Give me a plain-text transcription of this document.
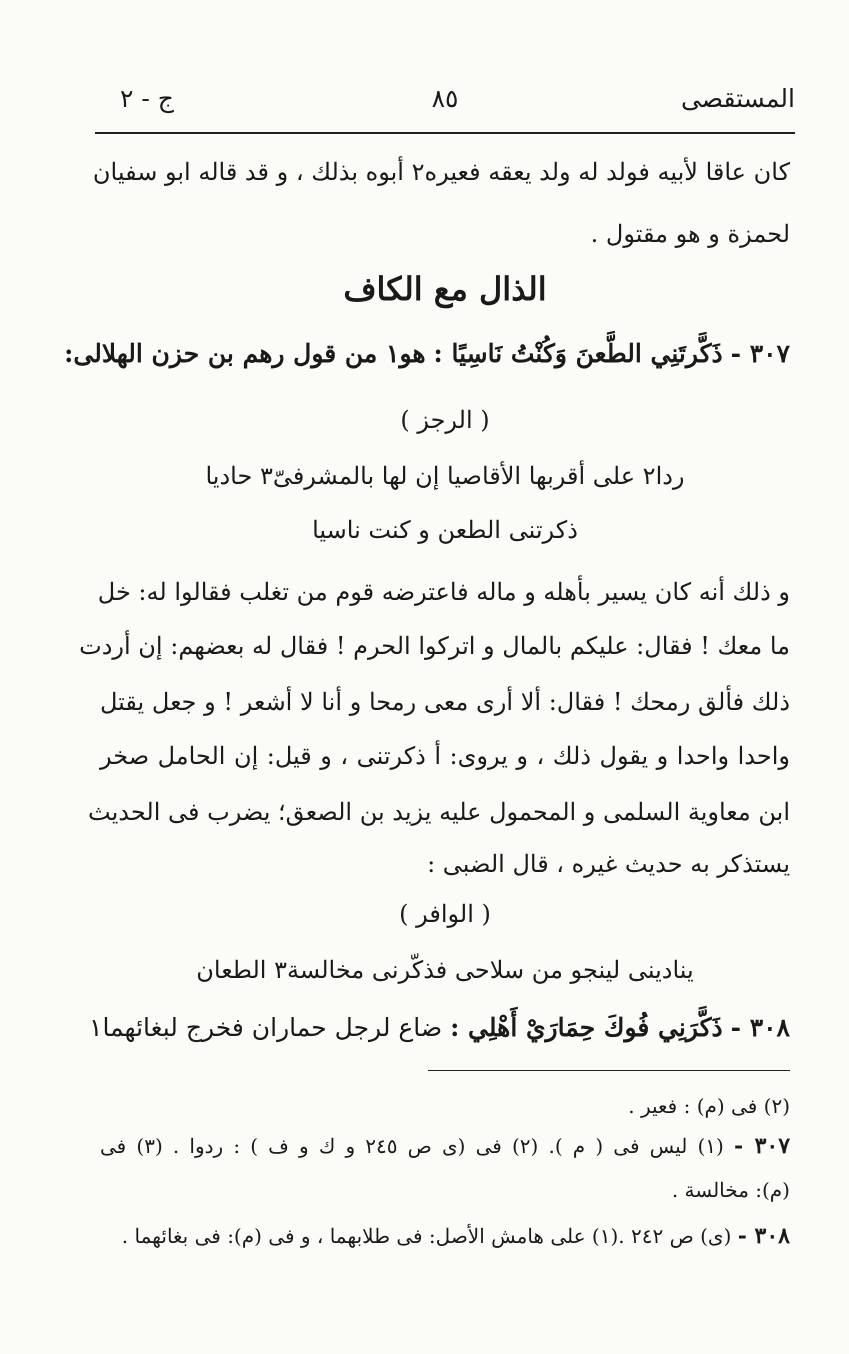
المستقصى
٨٥
ج - ٢
كان عاقا لأبيه فولد له ولد يعقه فعيره٢ أبوه بذلك ، و قد قاله ابو سفيان
لحمزة و هو مقتول .
الذال مع الكاف
٣٠٧ - ذَكَّرتَنِي الطَّعنَ وَكُنْتُ نَاسِيًا : هو١ من قول رهم بن حزن الهلالى:
( الرجز )
ردا٢ على أقربها الأقاصيا إن لها بالمشرفىّ٣ حاديا
ذكرتنى الطعن و كنت ناسيا
و ذلك أنه كان يسير بأهله و ماله فاعترضه قوم من تغلب فقالوا له: خل
ما معك ! فقال: عليكم بالمال و اتركوا الحرم ! فقال له بعضهم: إن أردت
ذلك فألق رمحك ! فقال: ألا أرى معى رمحا و أنا لا أشعر ! و جعل يقتل
واحدا واحدا و يقول ذلك ، و يروى: أ ذكرتنى ، و قيل: إن الحامل صخر
ابن معاوية السلمى و المحمول عليه يزيد بن الصعق؛ يضرب فى الحديث
يستذكر به حديث غيره ، قال الضبى :
( الوافر )
ينادينى لينجو من سلاحى فذكّرنى مخالسة٣ الطعان
٣٠٨ - ذَكَّرَنِي فُوكَ حِمَارَيْ أَهْلِي : ضاع لرجل حماران فخرج لبغائهما١
(٢) فى (م) : فعير .
٣٠٧ - (١) ليس فى ( م ). (٢) فى (ى ص ٢٤٥ و ك و ف ) : ردوا . (٣) فى
(م): مخالسة .
٣٠٨ - (ى) ص ٢٤٢ .(١) على هامش الأصل: فى طلابهما ، و فى (م): فى بغائهما .
